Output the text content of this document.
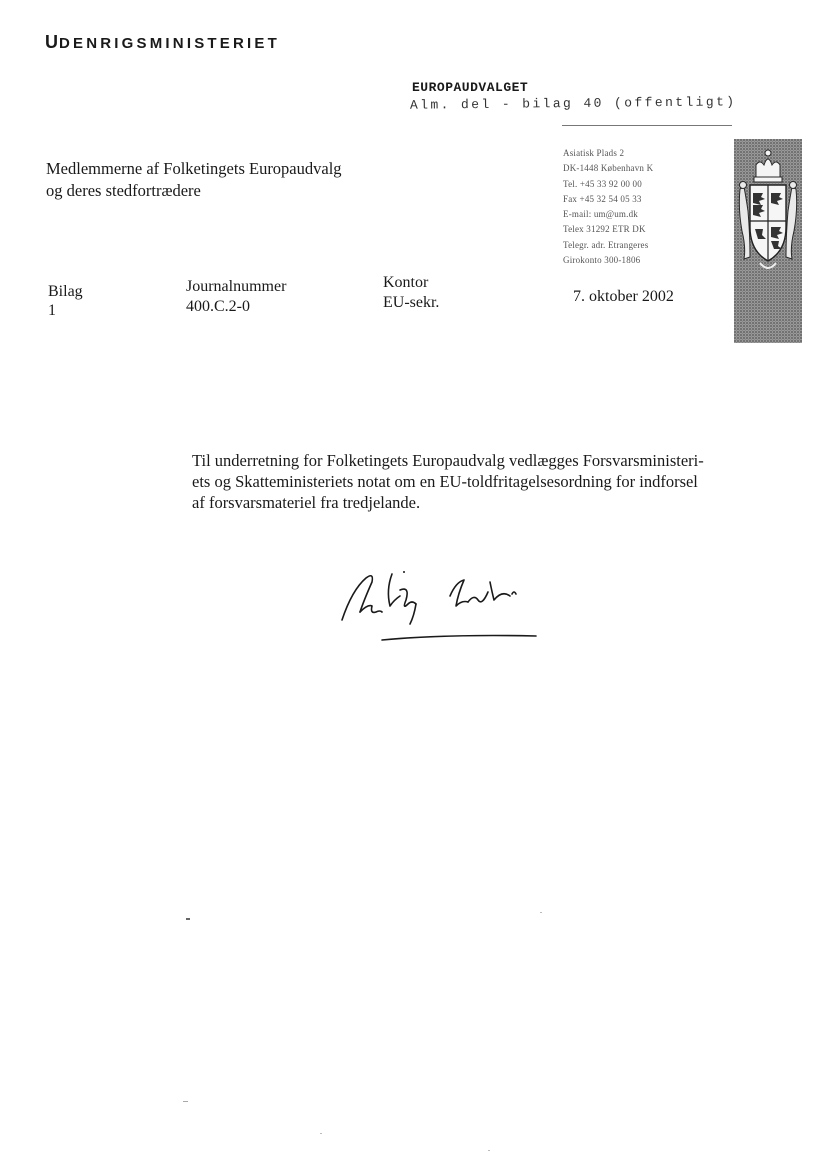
UDENRIGSMINISTERIET
EUROPAUDVALGET
Alm. del - bilag 40 (offentligt)
Medlemmerne af Folketingets Europaudvalg
og deres stedfortrædere
Asiatisk Plads 2
DK-1448 København K
Tel. +45 33 92 00 00
Fax +45 32 54 05 33
E-mail: um@um.dk
Telex 31292 ETR DK
Telegr. adr. Etrangeres
Girokonto 300-1806
Bilag
1
Journalnummer
400.C.2-0
Kontor
EU-sekr.	7. oktober 2002
Til underretning for Folketingets Europaudvalg vedlægges Forsvarsministeri-
ets og Skatteministeriets notat om en EU-toldfritagelsesordning for indforsel
af forsvarsmateriel fra tredjelande.
